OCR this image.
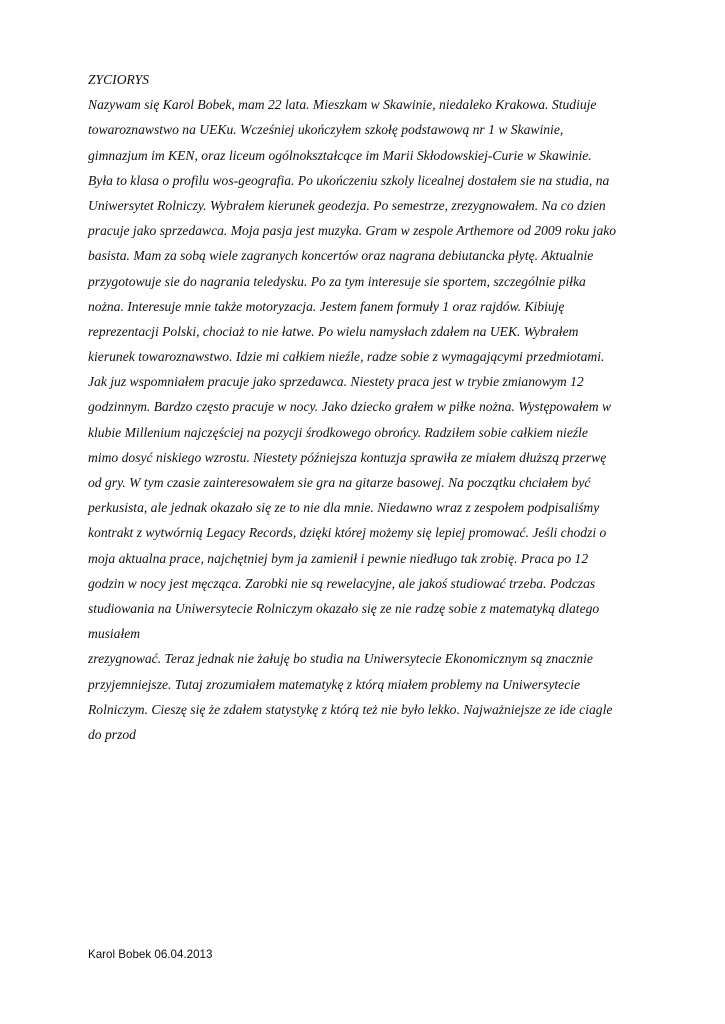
ZYCIORYS
Nazywam się Karol Bobek, mam 22 lata. Mieszkam w Skawinie, niedaleko Krakowa. Studiuje
towaroznawstwo na UEKu. Wcześniej ukończyłem szkołę podstawową nr 1 w Skawinie,
gimnazjum im KEN, oraz liceum ogólnokształcące im Marii Skłodowskiej-Curie w Skawinie.
Była to klasa o profilu wos-geografia. Po ukończeniu szkoly licealnej dostałem sie na studia, na
Uniwersytet Rolniczy. Wybrałem kierunek geodezja. Po semestrze, zrezygnowałem. Na co dzien
pracuje jako sprzedawca. Moja pasja jest muzyka. Gram w zespole Arthemore od 2009 roku jako
basista. Mam za sobą wiele zagranych koncertów oraz nagrana debiutancka płytę. Aktualnie
przygotowuje sie do nagrania teledysku. Po za tym interesuje sie sportem, szczególnie piłka
nożna. Interesuje mnie także motoryzacja. Jestem fanem formuły 1 oraz rajdów. Kibiuję
reprezentacji Polski, chociaż to nie łatwe. Po wielu namysłach zdałem na UEK. Wybrałem
kierunek towaroznawstwo. Idzie mi całkiem nieźle, radze sobie z wymagającymi przedmiotami.
Jak juz wspomniałem pracuje jako sprzedawca. Niestety praca jest w trybie zmianowym 12
godzinnym. Bardzo często pracuje w nocy. Jako dziecko grałem w piłke nożna. Występowałem w
klubie Millenium najczęściej na pozycji środkowego obrońcy. Radziłem sobie całkiem nieźle
mimo dosyć niskiego wzrostu. Niestety późniejsza kontuzja sprawiła ze miałem dłuższą przerwę
od gry. W tym czasie zainteresowałem sie gra na gitarze basowej. Na początku chciałem być
perkusista, ale jednak okazało się ze to nie dla mnie. Niedawno wraz z zespołem podpisaliśmy
kontrakt z wytwórnią Legacy Records, dzięki której możemy się lepiej promować. Jeśli chodzi o
moja aktualna prace, najchętniej bym ja zamienił i pewnie niedługo tak zrobię. Praca po 12
godzin w nocy jest męcząca. Zarobki nie są rewelacyjne, ale jakoś studiować trzeba. Podczas
studiowania na Uniwersytecie Rolniczym okazało się ze nie radzę sobie z matematyką dlatego
musiałem
zrezygnować. Teraz jednak nie żałuję bo studia na Uniwersytecie Ekonomicznym są znacznie
przyjemniejsze. Tutaj zrozumiałem matematykę z którą miałem problemy na Uniwersytecie
Rolniczym. Cieszę się że zdałem statystykę z którą też nie było lekko. Najważniejsze ze ide ciagle
do przod
Karol Bobek 06.04.2013
